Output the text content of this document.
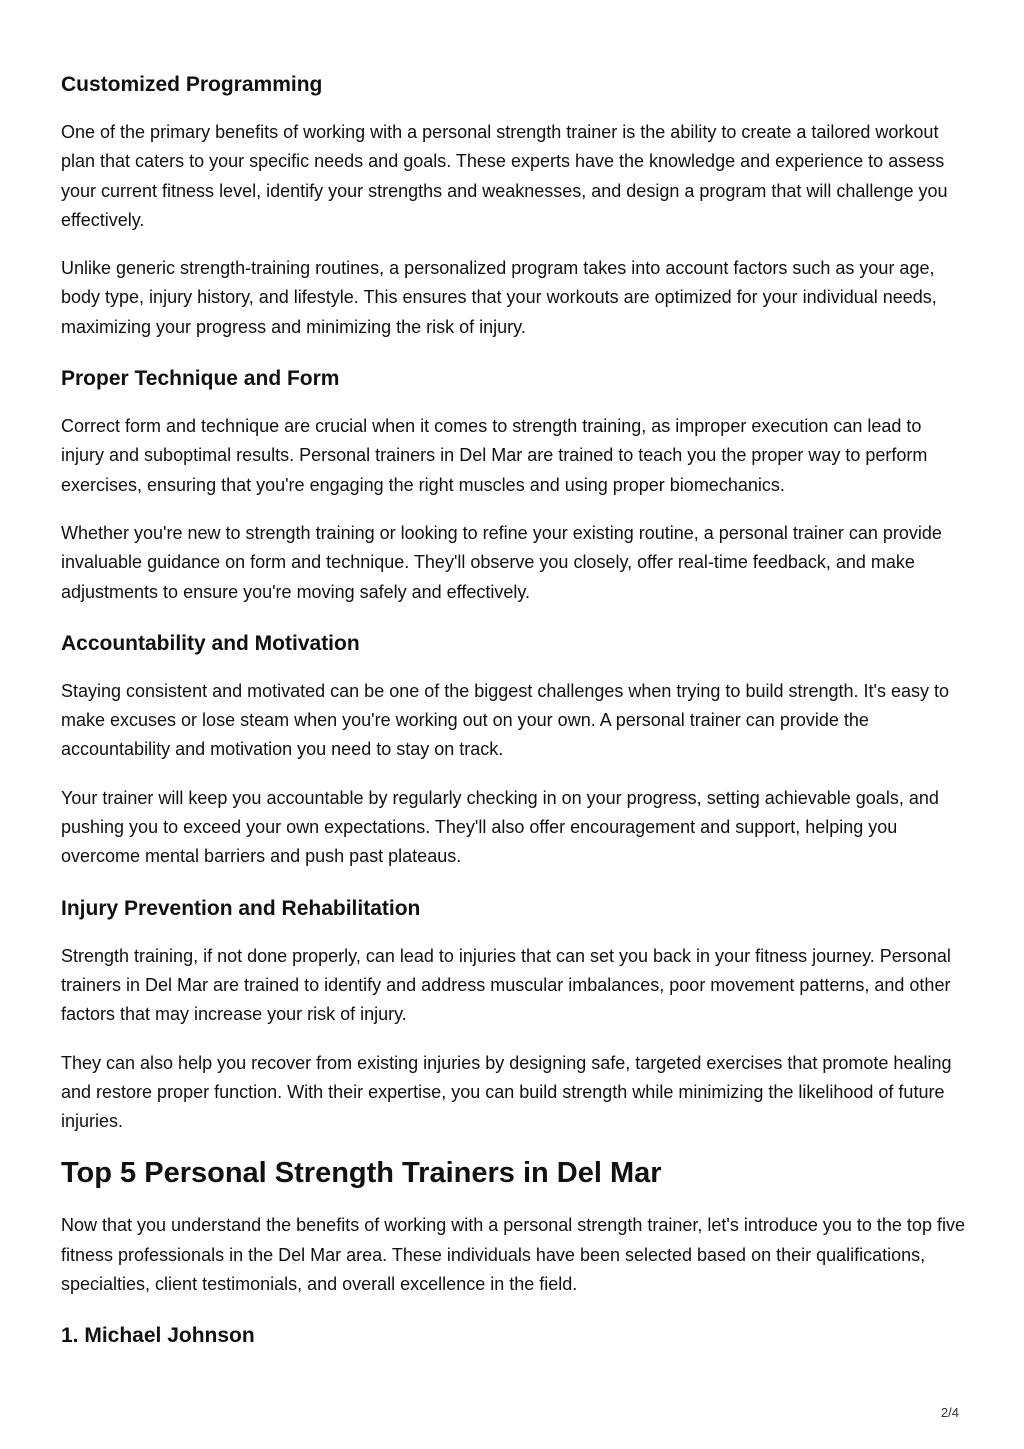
Customized Programming

One of the primary benefits of working with a personal strength trainer is the ability to create a tailored workout plan that caters to your specific needs and goals. These experts have the knowledge and experience to assess your current fitness level, identify your strengths and weaknesses, and design a program that will challenge you effectively.

Unlike generic strength-training routines, a personalized program takes into account factors such as your age, body type, injury history, and lifestyle. This ensures that your workouts are optimized for your individual needs, maximizing your progress and minimizing the risk of injury.

Proper Technique and Form

Correct form and technique are crucial when it comes to strength training, as improper execution can lead to injury and suboptimal results. Personal trainers in Del Mar are trained to teach you the proper way to perform exercises, ensuring that you're engaging the right muscles and using proper biomechanics.

Whether you're new to strength training or looking to refine your existing routine, a personal trainer can provide invaluable guidance on form and technique. They'll observe you closely, offer real-time feedback, and make adjustments to ensure you're moving safely and effectively.

Accountability and Motivation

Staying consistent and motivated can be one of the biggest challenges when trying to build strength. It's easy to make excuses or lose steam when you're working out on your own. A personal trainer can provide the accountability and motivation you need to stay on track.

Your trainer will keep you accountable by regularly checking in on your progress, setting achievable goals, and pushing you to exceed your own expectations. They'll also offer encouragement and support, helping you overcome mental barriers and push past plateaus.

Injury Prevention and Rehabilitation

Strength training, if not done properly, can lead to injuries that can set you back in your fitness journey. Personal trainers in Del Mar are trained to identify and address muscular imbalances, poor movement patterns, and other factors that may increase your risk of injury.

They can also help you recover from existing injuries by designing safe, targeted exercises that promote healing and restore proper function. With their expertise, you can build strength while minimizing the likelihood of future injuries.

Top 5 Personal Strength Trainers in Del Mar

Now that you understand the benefits of working with a personal strength trainer, let's introduce you to the top five fitness professionals in the Del Mar area. These individuals have been selected based on their qualifications, specialties, client testimonials, and overall excellence in the field.

1. Michael Johnson
2/4
